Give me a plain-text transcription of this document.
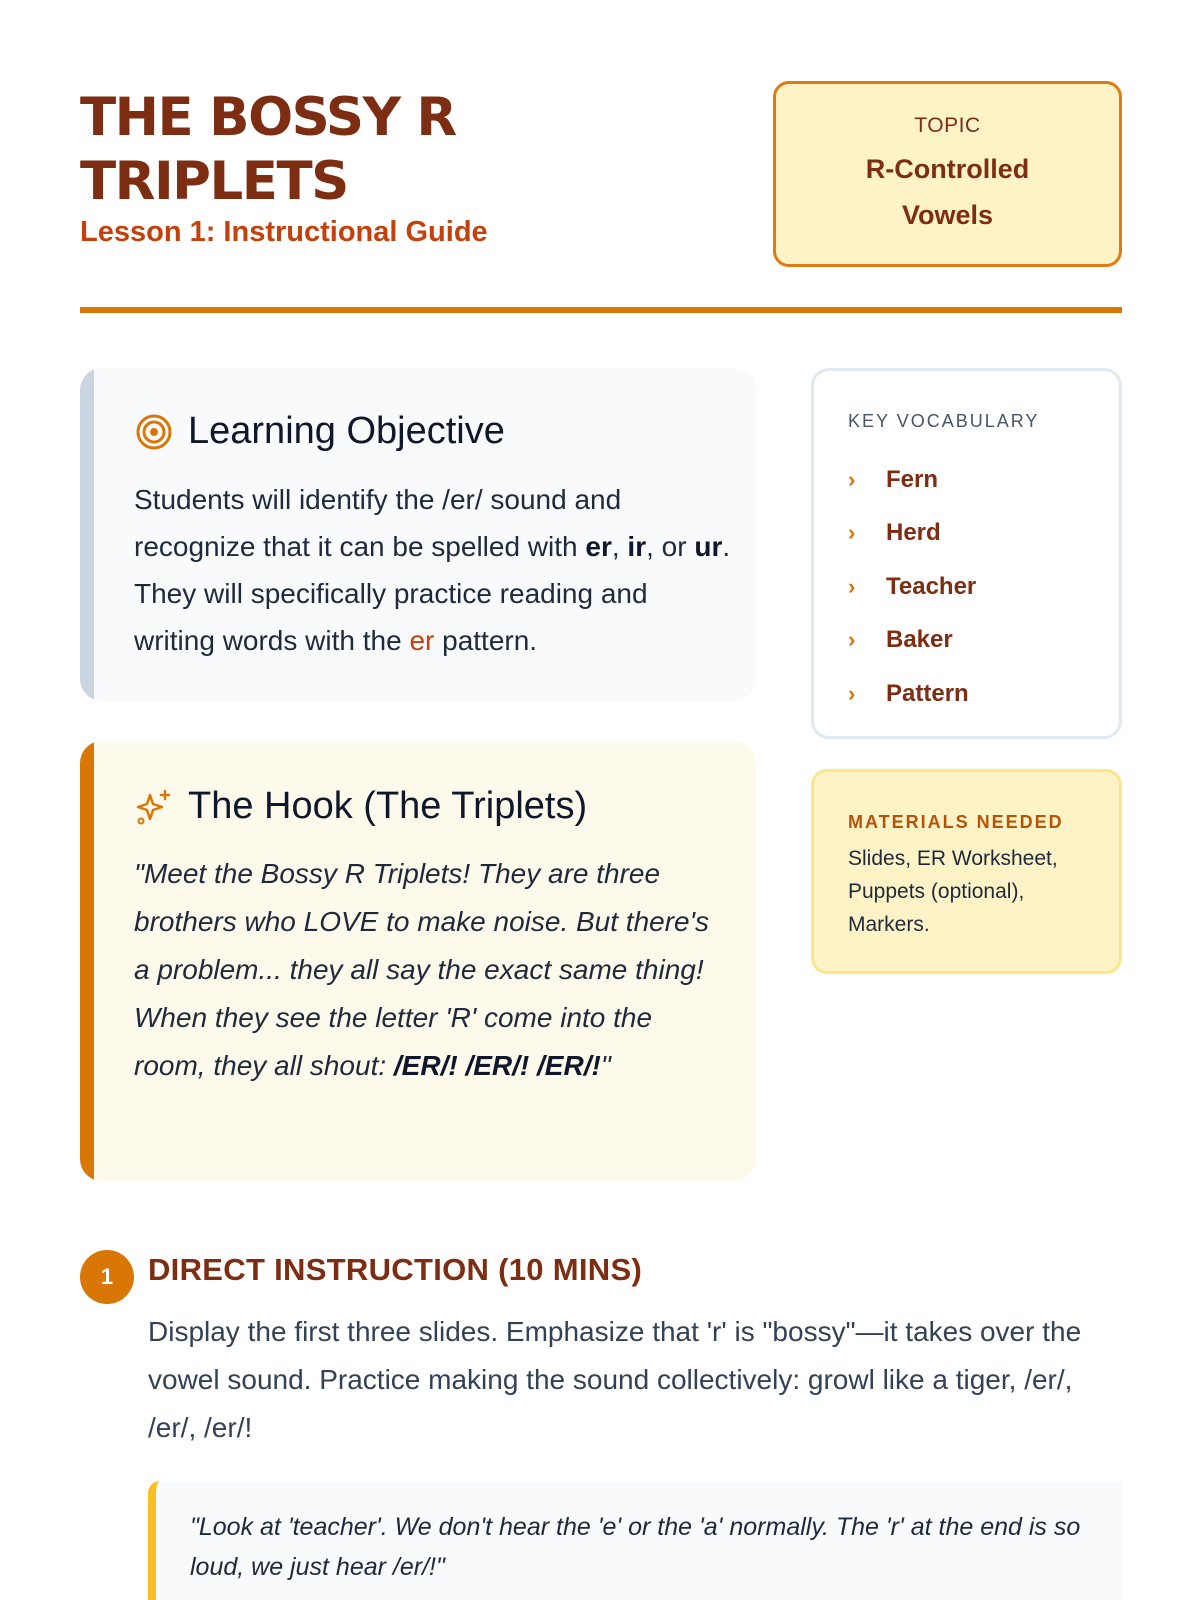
THE BOSSY R TRIPLETS
Lesson 1: Instructional Guide
TOPIC
R-Controlled Vowels
Learning Objective

Students will identify the /er/ sound and recognize that it can be spelled with er, ir, or ur. They will specifically practice reading and writing words with the er pattern.

The Hook (The Triplets)

"Meet the Bossy R Triplets! They are three brothers who LOVE to make noise. But there's a problem... they all say the exact same thing! When they see the letter 'R' come into the room, they all shout: /ER/! /ER/! /ER/!"

KEY VOCABULARY
›	Fern
›	Herd
›	Teacher
›	Baker
›	Pattern
MATERIALS NEEDED
Slides, ER Worksheet, Puppets (optional), Markers.
1	DIRECT INSTRUCTION (10 MINS)

Display the first three slides. Emphasize that 'r' is "bossy"—it takes over the vowel sound. Practice making the sound collectively: growl like a tiger, /er/, /er/, /er/!

"Look at 'teacher'. We don't hear the 'e' or the 'a' normally. The 'r' at the end is so loud, we just hear /er/!"
